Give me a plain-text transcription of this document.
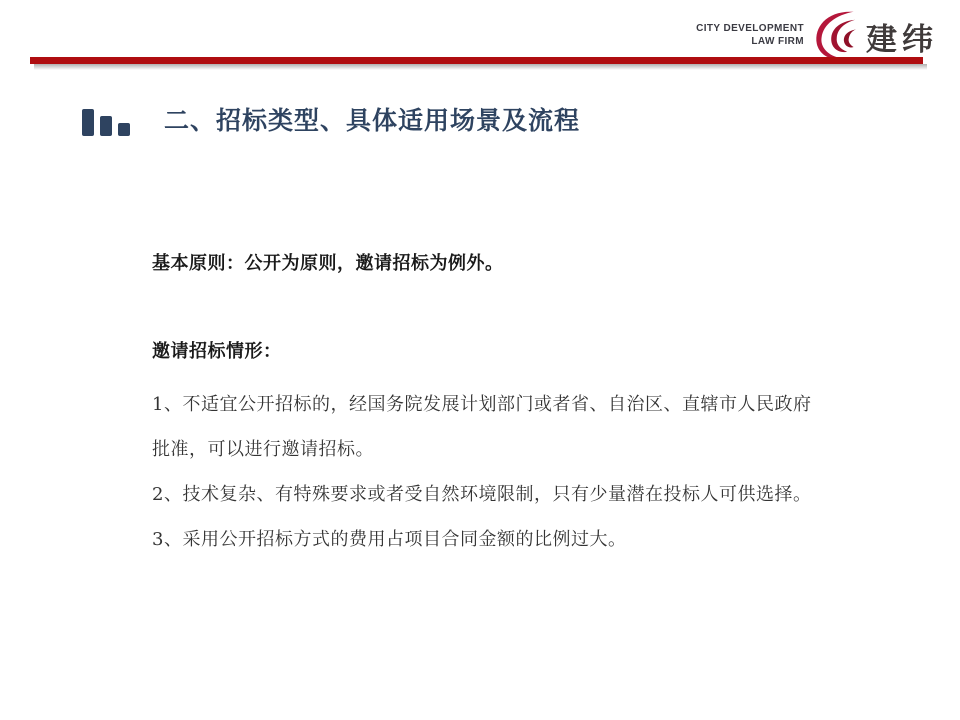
CITY DEVELOPMENT
LAW FIRM 建纬
二、招标类型、具体适用场景及流程

基本原则：公开为原则，邀请招标为例外。

邀请招标情形：

1、不适宜公开招标的，经国务院发展计划部门或者省、自治区、直辖市人民政府

批准，可以进行邀请招标。

2、技术复杂、有特殊要求或者受自然环境限制，只有少量潜在投标人可供选择。

3、采用公开招标方式的费用占项目合同金额的比例过大。
